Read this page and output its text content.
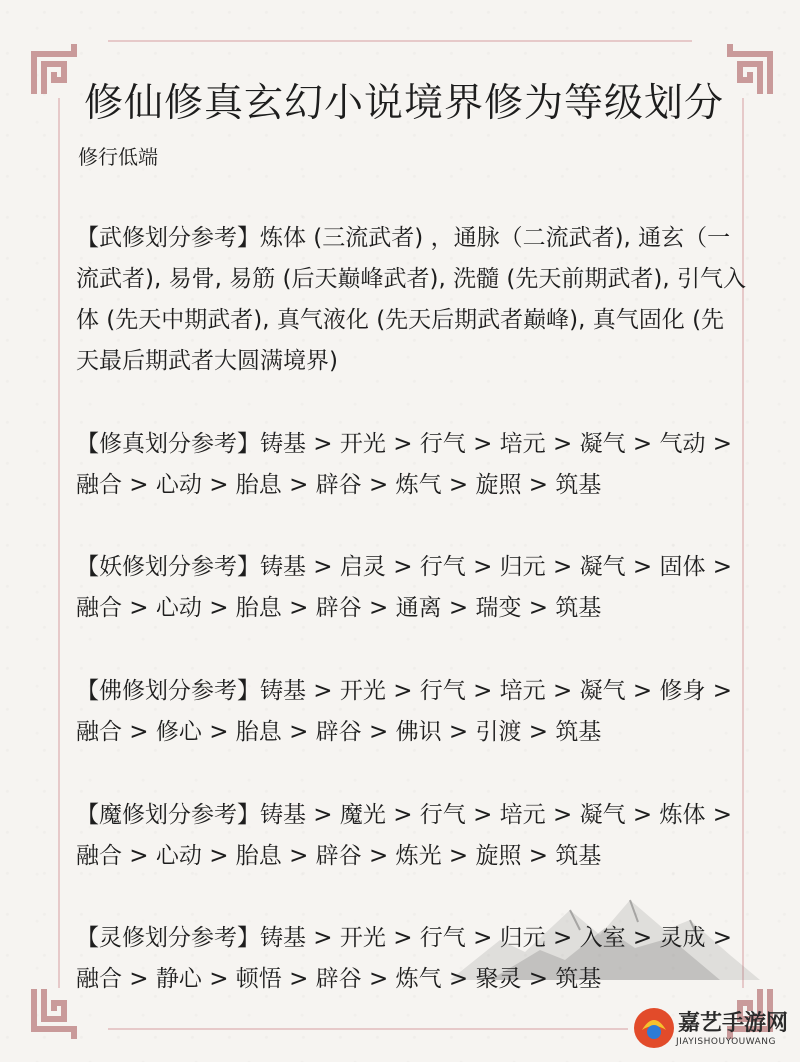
修仙修真玄幻小说境界修为等级划分
修行低端
【武修划分参考】炼体 (三流武者) ，通脉（二流武者), 通玄（一流武者), 易骨, 易筋 (后天巅峰武者), 洗髓 (先天前期武者), 引气入体 (先天中期武者), 真气液化 (先天后期武者巅峰), 真气固化 (先天最后期武者大圆满境界)
【修真划分参考】铸基 > 开光 > 行气 > 培元 > 凝气 > 气动 > 融合 > 心动 > 胎息 > 辟谷 > 炼气 > 旋照 > 筑基
【妖修划分参考】铸基 > 启灵 > 行气 > 归元 > 凝气 > 固体 > 融合 > 心动 > 胎息 > 辟谷 > 通离 > 瑞变 > 筑基
【佛修划分参考】铸基 > 开光 > 行气 > 培元 > 凝气 > 修身 > 融合 > 修心 > 胎息 > 辟谷 > 佛识 > 引渡 > 筑基
【魔修划分参考】铸基 > 魔光 > 行气 > 培元 > 凝气 > 炼体 > 融合 > 心动 > 胎息 > 辟谷 > 炼光 > 旋照 > 筑基
【灵修划分参考】铸基 > 开光 > 行气 > 归元 > 入室 > 灵成 > 融合 > 静心 > 顿悟 > 辟谷 > 炼气 > 聚灵 > 筑基
嘉艺手游网
JIAYISHOUYOUWANG
